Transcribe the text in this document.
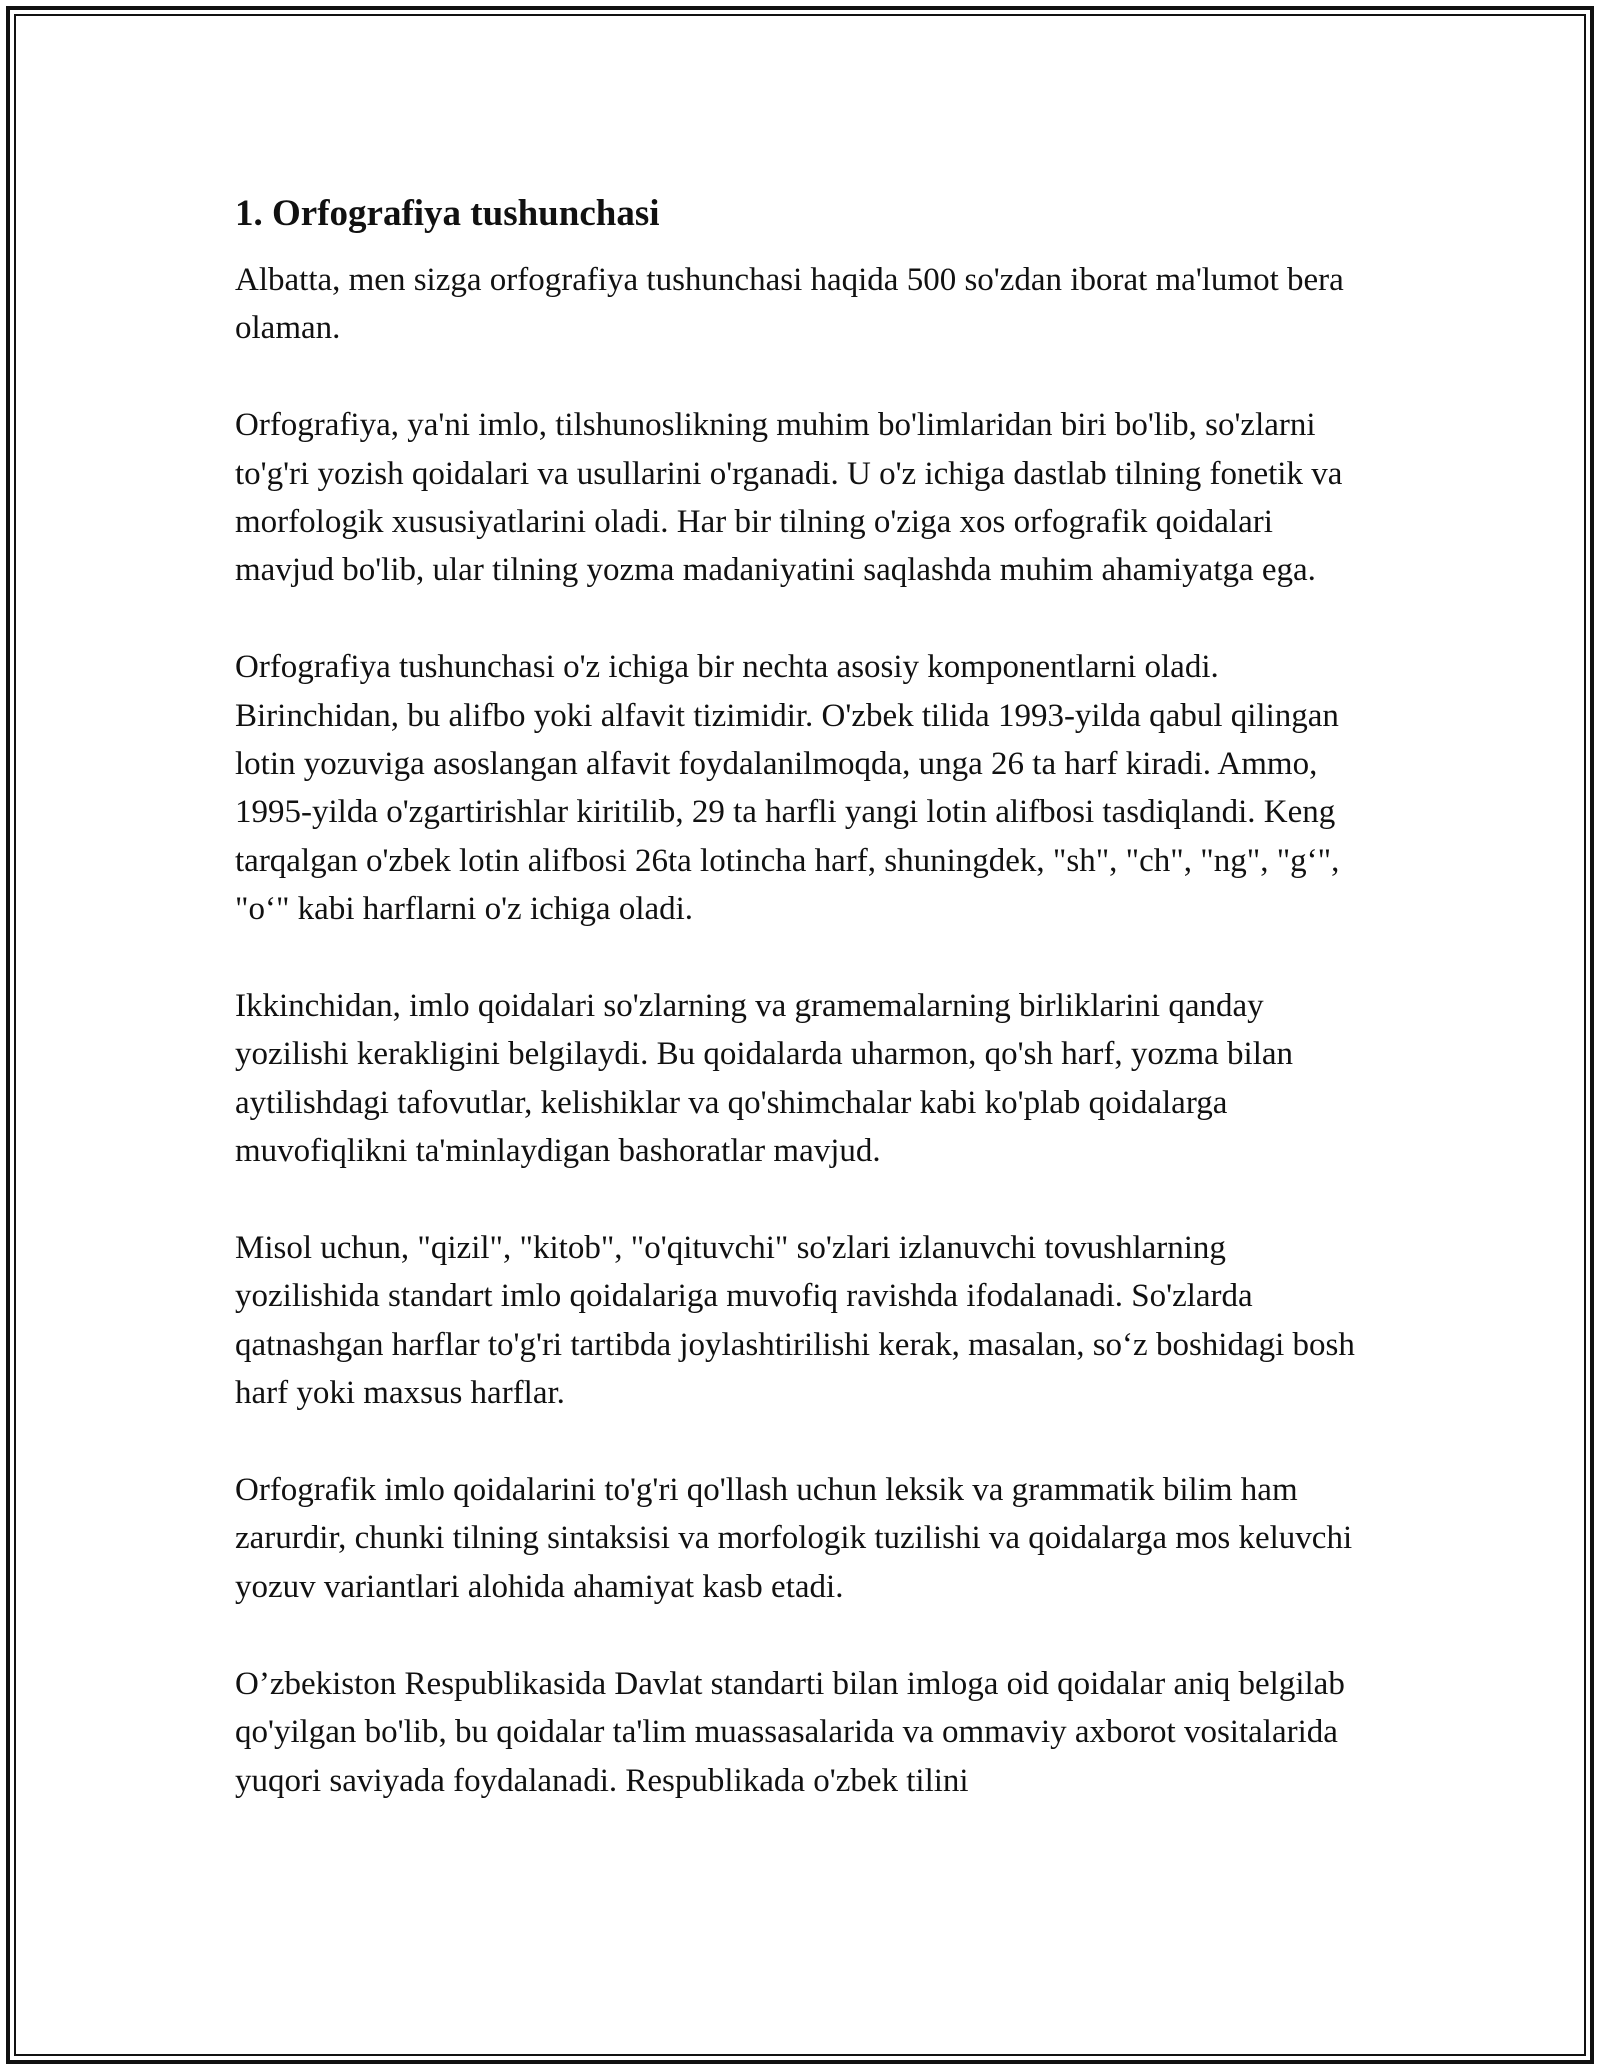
1. Orfografiya tushunchasi

Albatta, men sizga orfografiya tushunchasi haqida 500 so'zdan iborat ma'lumot bera olaman.

Orfografiya, ya'ni imlo, tilshunoslikning muhim bo'limlaridan biri bo'lib, so'zlarni to'g'ri yozish qoidalari va usullarini o'rganadi. U o'z ichiga dastlab tilning fonetik va morfologik xususiyatlarini oladi. Har bir tilning o'ziga xos orfografik qoidalari mavjud bo'lib, ular tilning yozma madaniyatini saqlashda muhim ahamiyatga ega.

Orfografiya tushunchasi o'z ichiga bir nechta asosiy komponentlarni oladi. Birinchidan, bu alifbo yoki alfavit tizimidir. O'zbek tilida 1993-yilda qabul qilingan lotin yozuviga asoslangan alfavit foydalanilmoqda, unga 26 ta harf kiradi. Ammo, 1995-yilda o'zgartirishlar kiritilib, 29 ta harfli yangi lotin alifbosi tasdiqlandi. Keng tarqalgan o'zbek lotin alifbosi 26ta lotincha harf, shuningdek, "sh", "ch", "ng", "g‘", "o‘" kabi harflarni o'z ichiga oladi.

Ikkinchidan, imlo qoidalari so'zlarning va gramemalarning birliklarini qanday yozilishi kerakligini belgilaydi. Bu qoidalarda uharmon, qo'sh harf, yozma bilan aytilishdagi tafovutlar, kelishiklar va qo'shimchalar kabi ko'plab qoidalarga muvofiqlikni ta'minlaydigan bashoratlar mavjud.

Misol uchun, "qizil", "kitob", "o'qituvchi" so'zlari izlanuvchi tovushlarning yozilishida standart imlo qoidalariga muvofiq ravishda ifodalanadi. So'zlarda qatnashgan harflar to'g'ri tartibda joylashtirilishi kerak, masalan, so‘z boshidagi bosh harf yoki maxsus harflar.

Orfografik imlo qoidalarini to'g'ri qo'llash uchun leksik va grammatik bilim ham zarurdir, chunki tilning sintaksisi va morfologik tuzilishi va qoidalarga mos keluvchi yozuv variantlari alohida ahamiyat kasb etadi.

O’zbekiston Respublikasida Davlat standarti bilan imloga oid qoidalar aniq belgilab qo'yilgan bo'lib, bu qoidalar ta'lim muassasalarida va ommaviy axborot vositalarida yuqori saviyada foydalanadi. Respublikada o'zbek tilini
